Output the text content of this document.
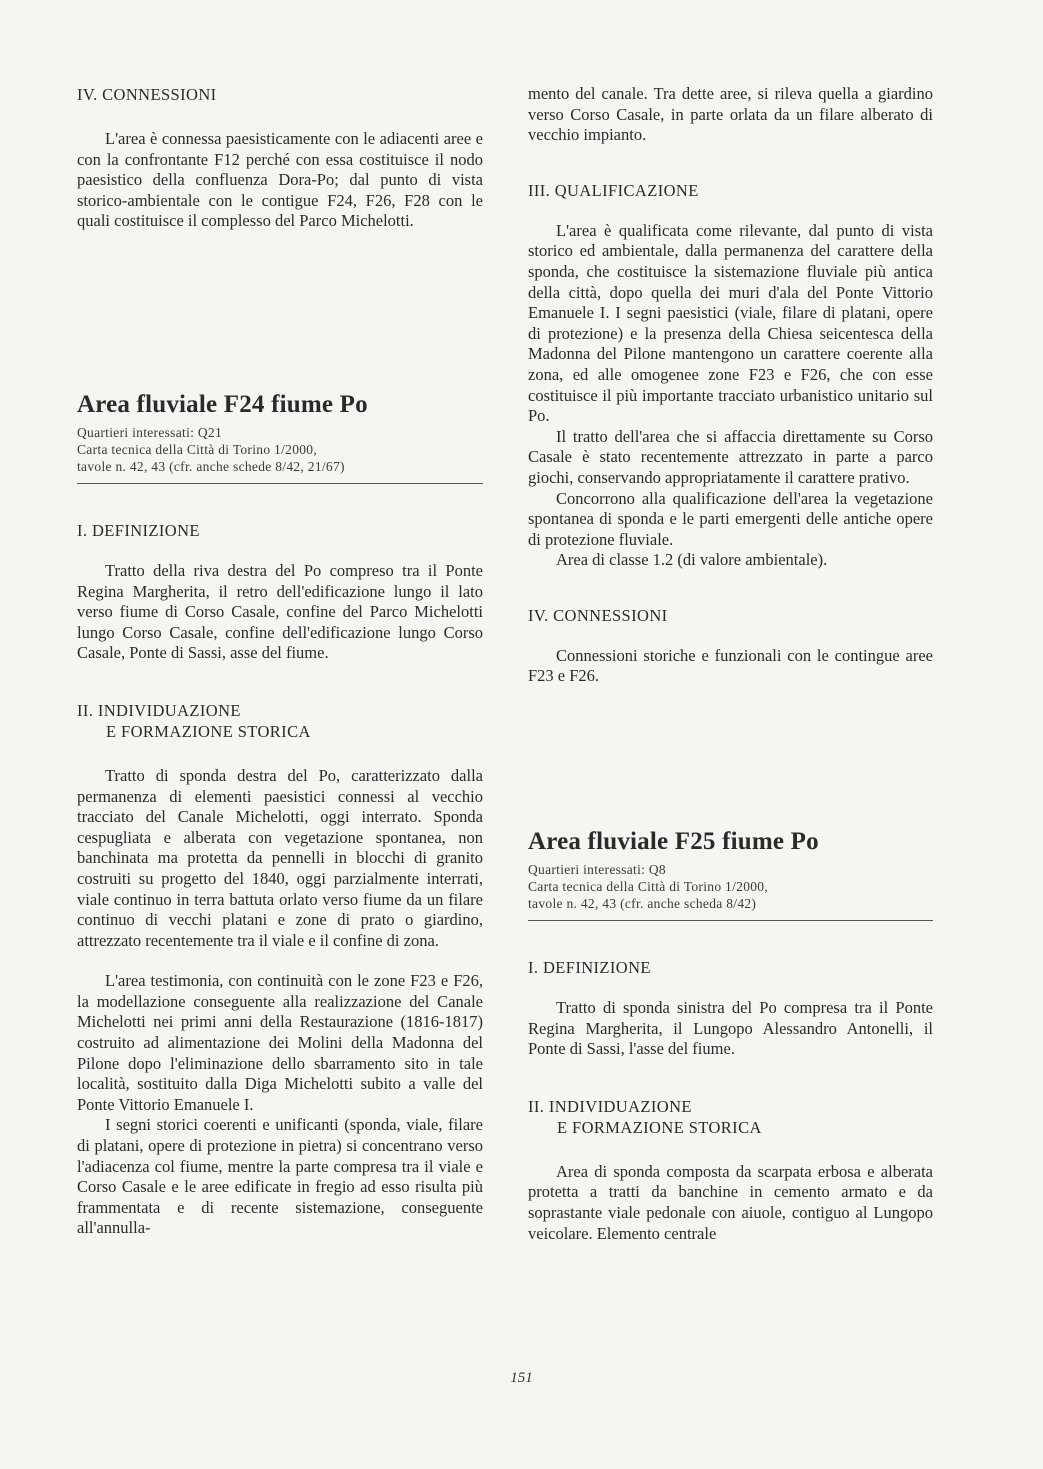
IV. CONNESSIONI

L'area è connessa paesisticamente con le adiacenti aree e con la confrontante F12 perché con essa costituisce il nodo paesistico della confluenza Dora-Po; dal punto di vista storico-ambientale con le contigue F24, F26, F28 con le quali costituisce il complesso del Parco Michelotti.

Area fluviale F24 fiume Po
Quartieri interessati: Q21
Carta tecnica della Città di Torino 1/2000,
tavole n. 42, 43 (cfr. anche schede 8/42, 21/67)
I. DEFINIZIONE

Tratto della riva destra del Po compreso tra il Ponte Regina Margherita, il retro dell'edificazione lungo il lato verso fiume di Corso Casale, confine del Parco Michelotti lungo Corso Casale, confine dell'edificazione lungo Corso Casale, Ponte di Sassi, asse del fiume.

II. INDIVIDUAZIONE
E FORMAZIONE STORICA

Tratto di sponda destra del Po, caratterizzato dalla permanenza di elementi paesistici connessi al vecchio tracciato del Canale Michelotti, oggi interrato. Sponda cespugliata e alberata con vegetazione spontanea, non banchinata ma protetta da pennelli in blocchi di granito costruiti su progetto del 1840, oggi parzialmente interrati, viale continuo in terra battuta orlato verso fiume da un filare continuo di vecchi platani e zone di prato o giardino, attrezzato recentemente tra il viale e il confine di zona.

L'area testimonia, con continuità con le zone F23 e F26, la modellazione conseguente alla realizzazione del Canale Michelotti nei primi anni della Restaurazione (1816-1817) costruito ad alimentazione dei Molini della Madonna del Pilone dopo l'eliminazione dello sbarramento sito in tale località, sostituito dalla Diga Michelotti subito a valle del Ponte Vittorio Emanuele I.

I segni storici coerenti e unificanti (sponda, viale, filare di platani, opere di protezione in pietra) si concentrano verso l'adiacenza col fiume, mentre la parte compresa tra il viale e Corso Casale e le aree edificate in fregio ad esso risulta più frammentata e di recente sistemazione, conseguente all'annulla-

mento del canale. Tra dette aree, si rileva quella a giardino verso Corso Casale, in parte orlata da un filare alberato di vecchio impianto.

III. QUALIFICAZIONE

L'area è qualificata come rilevante, dal punto di vista storico ed ambientale, dalla permanenza del carattere della sponda, che costituisce la sistemazione fluviale più antica della città, dopo quella dei muri d'ala del Ponte Vittorio Emanuele I. I segni paesistici (viale, filare di platani, opere di protezione) e la presenza della Chiesa seicentesca della Madonna del Pilone mantengono un carattere coerente alla zona, ed alle omogenee zone F23 e F26, che con esse costituisce il più importante tracciato urbanistico unitario sul Po.

Il tratto dell'area che si affaccia direttamente su Corso Casale è stato recentemente attrezzato in parte a parco giochi, conservando appropriatamente il carattere prativo.

Concorrono alla qualificazione dell'area la vegetazione spontanea di sponda e le parti emergenti delle antiche opere di protezione fluviale.

Area di classe 1.2 (di valore ambientale).

IV. CONNESSIONI

Connessioni storiche e funzionali con le contingue aree F23 e F26.

Area fluviale F25 fiume Po
Quartieri interessati: Q8
Carta tecnica della Città di Torino 1/2000,
tavole n. 42, 43 (cfr. anche scheda 8/42)
I. DEFINIZIONE

Tratto di sponda sinistra del Po compresa tra il Ponte Regina Margherita, il Lungopo Alessandro Antonelli, il Ponte di Sassi, l'asse del fiume.

II. INDIVIDUAZIONE
E FORMAZIONE STORICA

Area di sponda composta da scarpata erbosa e alberata protetta a tratti da banchine in cemento armato e da soprastante viale pedonale con aiuole, contiguo al Lungopo veicolare. Elemento centrale

151
